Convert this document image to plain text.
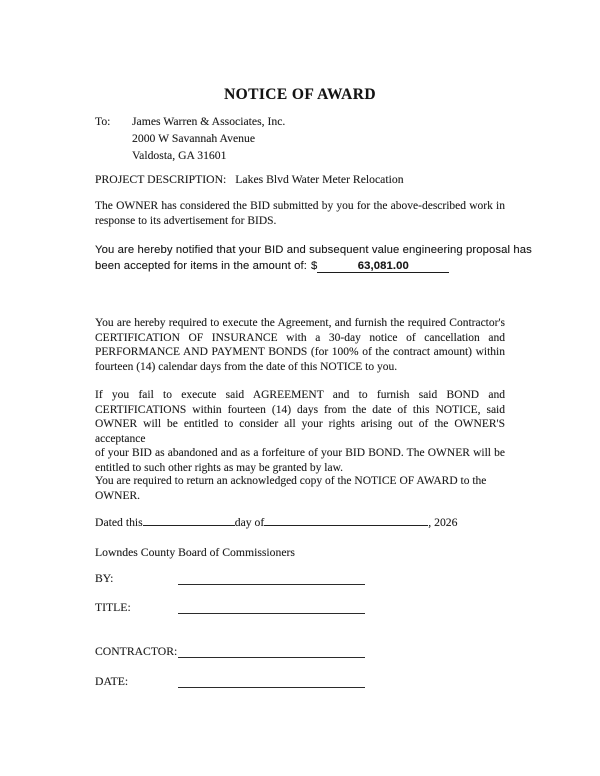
NOTICE OF AWARD
To:	James Warren & Associates, Inc.
2000 W Savannah Avenue
Valdosta, GA 31601
PROJECT DESCRIPTION: Lakes Blvd Water Meter Relocation
The OWNER has considered the BID submitted by you for the above-described work in
response to its advertisement for BIDS.
You are hereby notified that your BID and subsequent value engineering proposal has
been accepted for items in the amount of: $	63,081.00
You are hereby required to execute the Agreement, and furnish the required Contractor's
CERTIFICATION OF INSURANCE with a 30-day notice of cancellation and
PERFORMANCE AND PAYMENT BONDS (for 100% of the contract amount) within
fourteen (14) calendar days from the date of this NOTICE to you.
If you fail to execute said AGREEMENT and to furnish said BOND and
CERTIFICATIONS within fourteen (14) days from the date of this NOTICE, said
OWNER will be entitled to consider all your rights arising out of the OWNER'S acceptance
of your BID as abandoned and as a forfeiture of your BID BOND. The OWNER will be
entitled to such other rights as may be granted by law.
You are required to return an acknowledged copy of the NOTICE OF AWARD to the
OWNER.
Dated this	day of	, 2026
Lowndes County Board of Commissioners
BY:
TITLE:
CONTRACTOR:
DATE:
